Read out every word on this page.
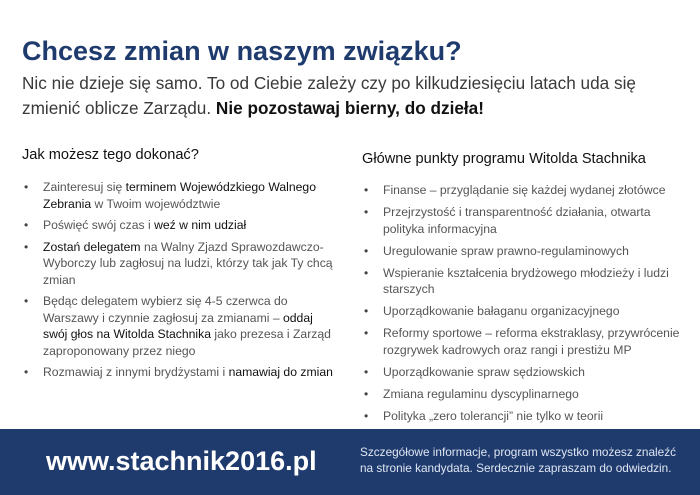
Chcesz zmian w naszym związku?

Nic nie dzieje się samo. To od Ciebie zależy czy po kilkudziesięciu latach uda się zmienić oblicze Zarządu. Nie pozostawaj bierny, do dzieła!

Jak możesz tego dokonać?
• Zainteresuj się terminem Wojewódzkiego Walnego Zebrania w Twoim województwie
• Poświęć swój czas i weź w nim udział
• Zostań delegatem na Walny Zjazd Sprawozdawczo-Wyborczy lub zagłosuj na ludzi, którzy tak jak Ty chcą zmian
• Będąc delegatem wybierz się 4-5 czerwca do Warszawy i czynnie zagłosuj za zmianami – oddaj swój głos na Witolda Stachnika jako prezesa i Zarząd zaproponowany przez niego
• Rozmawiaj z innymi brydżystami i namawiaj do zmian
Główne punkty programu Witolda Stachnika
• Finanse – przyglądanie się każdej wydanej złotówce
• Przejrzystość i transparentność działania, otwarta polityka informacyjna
• Uregulowanie spraw prawno-regulaminowych
• Wspieranie kształcenia brydżowego młodzieży i ludzi starszych
• Uporządkowanie bałaganu organizacyjnego
• Reformy sportowe – reforma ekstraklasy, przywrócenie rozgrywek kadrowych oraz rangi i prestiżu MP
• Uporządkowanie spraw sędziowskich
• Zmiana regulaminu dyscyplinarnego
• Polityka „zero tolerancji” nie tylko w teorii
www.stachnik2016.pl	Szczegółowe informacje, program wszystko możesz znaleźć na stronie kandydata. Serdecznie zapraszam do odwiedzin.
